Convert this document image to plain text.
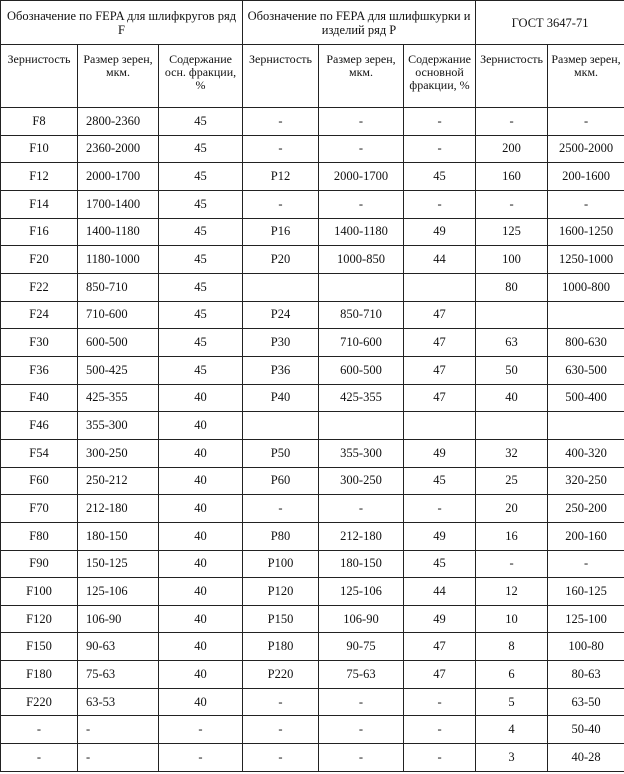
Обозначение по FEPA для шлифкругов ряд F			Обозначение по FEPA для шлифшкурки и изделий ряд P			ГОСТ 3647-71	
Зернистость	Размер зерен, мкм.	Содержание осн. фракции, %	Зернистость	Размер зерен, мкм.	Содержание основной фракции, %	Зернистость	Размер зерен, мкм.
F8	2800-2360	45	-	-	-	-	-
F10	2360-2000	45	-	-	-	200	2500-2000
F12	2000-1700	45	P12	2000-1700	45	160	200-1600
F14	1700-1400	45	-	-	-	-	-
F16	1400-1180	45	P16	1400-1180	49	125	1600-1250
F20	1180-1000	45	P20	1000-850	44	100	1250-1000
F22	850-710	45				80	1000-800
F24	710-600	45	P24	850-710	47		
F30	600-500	45	P30	710-600	47	63	800-630
F36	500-425	45	P36	600-500	47	50	630-500
F40	425-355	40	P40	425-355	47	40	500-400
F46	355-300	40					
F54	300-250	40	P50	355-300	49	32	400-320
F60	250-212	40	P60	300-250	45	25	320-250
F70	212-180	40	-	-	-	20	250-200
F80	180-150	40	P80	212-180	49	16	200-160
F90	150-125	40	P100	180-150	45	-	-
F100	125-106	40	P120	125-106	44	12	160-125
F120	106-90	40	P150	106-90	49	10	125-100
F150	90-63	40	P180	90-75	47	8	100-80
F180	75-63	40	P220	75-63	47	6	80-63
F220	63-53	40	-	-	-	5	63-50
-	-	-	-	-	-	4	50-40
-	-	-	-	-	-	3	40-28
